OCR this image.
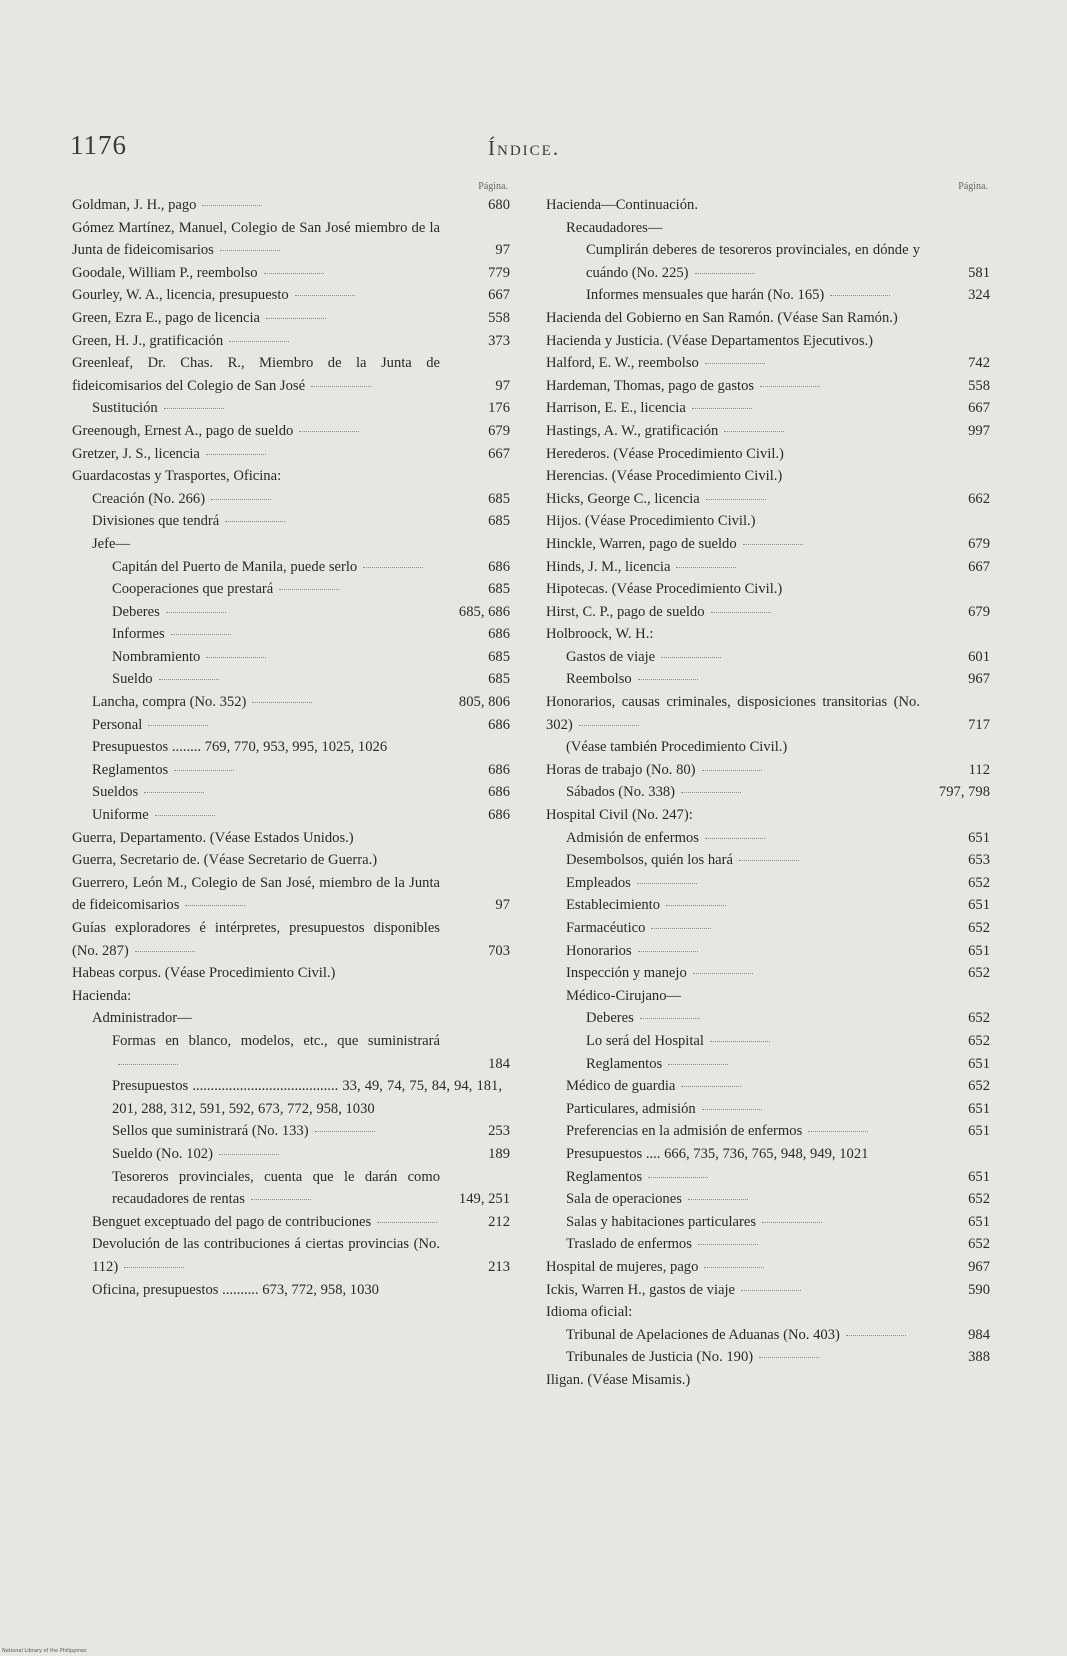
1176	Índice.
Página.
Goldman, J. H., pago	680
Gómez Martínez, Manuel, Colegio de San José miembro de la Junta de fideicomisarios	97
Goodale, William P., reembolso	779
Gourley, W. A., licencia, presupuesto	667
Green, Ezra E., pago de licencia	558
Green, H. J., gratificación	373
Greenleaf, Dr. Chas. R., Miembro de la Junta de fideicomisarios del Colegio de San José	97
Sustitución	176
Greenough, Ernest A., pago de sueldo	679
Gretzer, J. S., licencia	667
Guardacostas y Trasportes, Oficina:
Creación (No. 266)	685
Divisiones que tendrá	685
Jefe—
Capitán del Puerto de Manila, puede serlo	686
Cooperaciones que prestará	685
Deberes	685, 686
Informes	686
Nombramiento	685
Sueldo	685
Lancha, compra (No. 352)	805, 806
Personal	686
Presupuestos ........ 769, 770, 953, 995, 1025, 1026
Reglamentos	686
Sueldos	686
Uniforme	686
Guerra, Departamento. (Véase Estados Unidos.)
Guerra, Secretario de. (Véase Secretario de Guerra.)
Guerrero, León M., Colegio de San José, miembro de la Junta de fideicomisarios	97
Guías exploradores é intérpretes, presupuestos disponibles (No. 287)	703
Habeas corpus. (Véase Procedimiento Civil.)
Hacienda:
Administrador—
Formas en blanco, modelos, etc., que suministrará
184
Presupuestos ........................................ 33, 49, 74, 75, 84, 94, 181, 201, 288, 312, 591, 592, 673, 772, 958, 1030
Sellos que suministrará (No. 133)	253
Sueldo (No. 102)	189
Tesoreros provinciales, cuenta que le darán como recaudadores de rentas	149, 251
Benguet exceptuado del pago de contribuciones	212
Devolución de las contribuciones á ciertas provincias (No. 112)	213
Oficina, presupuestos .......... 673, 772, 958, 1030
Página.
Hacienda—Continuación.
Recaudadores—
Cumplirán deberes de tesoreros provinciales, en dónde y cuándo (No. 225)	581
Informes mensuales que harán (No. 165)	324
Hacienda del Gobierno en San Ramón. (Véase San Ramón.)
Hacienda y Justicia. (Véase Departamentos Ejecutivos.)
Halford, E. W., reembolso	742
Hardeman, Thomas, pago de gastos	558
Harrison, E. E., licencia	667
Hastings, A. W., gratificación	997
Herederos. (Véase Procedimiento Civil.)
Herencias. (Véase Procedimiento Civil.)
Hicks, George C., licencia	662
Hijos. (Véase Procedimiento Civil.)
Hinckle, Warren, pago de sueldo	679
Hinds, J. M., licencia	667
Hipotecas. (Véase Procedimiento Civil.)
Hirst, C. P., pago de sueldo	679
Holbroock, W. H.:
Gastos de viaje	601
Reembolso	967
Honorarios, causas criminales, disposiciones transitorias (No. 302)	717
(Véase también Procedimiento Civil.)
Horas de trabajo (No. 80)	112
Sábados (No. 338)	797, 798
Hospital Civil (No. 247):
Admisión de enfermos	651
Desembolsos, quién los hará	653
Empleados	652
Establecimiento	651
Farmacéutico	652
Honorarios	651
Inspección y manejo	652
Médico-Cirujano—
Deberes	652
Lo será del Hospital	652
Reglamentos	651
Médico de guardia	652
Particulares, admisión	651
Preferencias en la admisión de enfermos	651
Presupuestos .... 666, 735, 736, 765, 948, 949, 1021
Reglamentos	651
Sala de operaciones	652
Salas y habitaciones particulares	651
Traslado de enfermos	652
Hospital de mujeres, pago	967
Ickis, Warren H., gastos de viaje	590
Idioma oficial:
Tribunal de Apelaciones de Aduanas (No. 403)	984
Tribunales de Justicia (No. 190)	388
Iligan. (Véase Misamis.)
National Library of the Philippines
